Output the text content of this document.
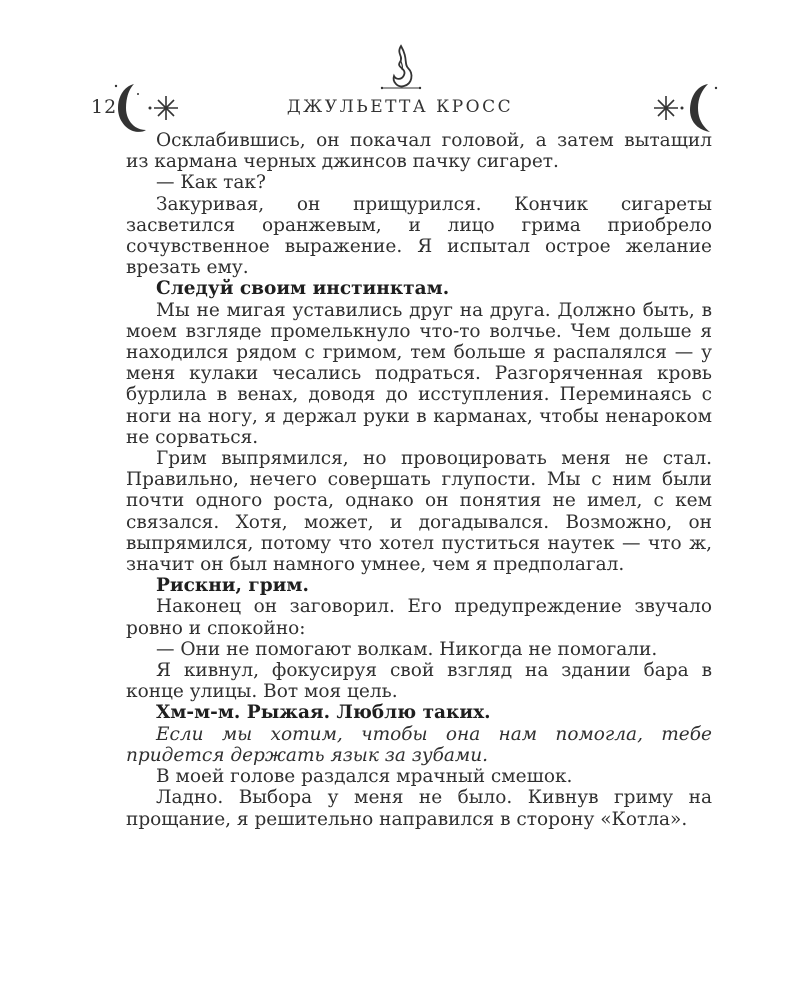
12	ДЖУЛЬЕТТА КРОСС

Осклабившись, он покачал головой, а затем вытащил из кармана черных джинсов пачку сигарет.

— Как так?

Закуривая, он прищурился. Кончик сигареты засветился оранжевым, и лицо грима приобрело сочувственное выражение. Я испытал острое желание врезать ему.

Следуй своим инстинктам.

Мы не мигая уставились друг на друга. Должно быть, в моем взгляде промелькнуло что-то волчье. Чем дольше я находился рядом с гримом, тем больше я распалялся — у меня кулаки чесались подраться. Разгоряченная кровь бурлила в венах, доводя до исступления. Переминаясь с ноги на ногу, я держал руки в карманах, чтобы ненароком не сорваться.

Грим выпрямился, но провоцировать меня не стал. Правильно, нечего совершать глупости. Мы с ним были почти одного роста, однако он понятия не имел, с кем связался. Хотя, может, и догадывался. Возможно, он выпрямился, потому что хотел пуститься наутек — что ж, значит он был намного умнее, чем я предполагал.

Рискни, грим.

Наконец он заговорил. Его предупреждение звучало ровно и спокойно:

— Они не помогают волкам. Никогда не помогали.

Я кивнул, фокусируя свой взгляд на здании бара в конце улицы. Вот моя цель.

Хм-м-м. Рыжая. Люблю таких.

Если мы хотим, чтобы она нам помогла, тебе придется держать язык за зубами.

В моей голове раздался мрачный смешок.

Ладно. Выбора у меня не было. Кивнув гриму на прощание, я решительно направился в сторону «Котла».
